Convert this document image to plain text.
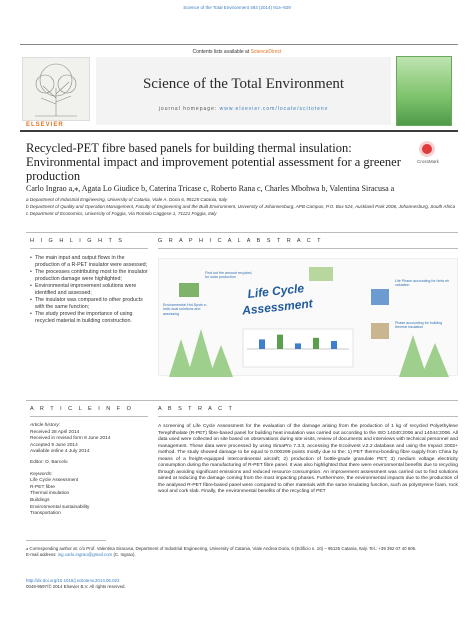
Science of the Total Environment 493 (2014) 914–929
Contents lists available at ScienceDirect
ELSEVIER
Science of the Total Environment
journal homepage: www.elsevier.com/locate/scitotenv
Recycled-PET fibre based panels for building thermal insulation: Environmental impact and improvement potential assessment for a greener production
CrossMark
Carlo Ingrao a,⁎, Agata Lo Giudice b, Caterina Tricase c, Roberto Rana c, Charles Mbohwa b, Valentina Siracusa a
a Department of Industrial Engineering, University of Catania, Viale A. Doria 6, 95125 Catania, Italy
b Department of Quality and Operation Management, Faculty of Engineering and the Built Environment, University of Johannesburg, APB Campus, P.O. Box 524, Auckland Park 2006, Johannesburg, South Africa
c Department of Economics, University of Foggia, Via Romolo Caggese 1, 71121 Foggia, Italy
H I G H L I G H T S	G R A P H I C A L A B S T R A C T
• The main input and output flows in the production of a R-PET insulator were assessed;
• The processes contributing most to the insulator production damage were highlighted;
• Environmental improvement solutions were identified and assessed;
• The insulator was compared to other products with the same function;
• The study proved the importance of using recycled material in building construction.
Find out the amount recycled, for solar production
Life Phase accounting for hints eh valuation
Environmental Hot-Spots e-indiv dual solutions and assessing
Phase accounting for building thermal insulation
Life Cycle Assessment
A R T I C L E I N F O	A B S T R A C T
Article history:
Received 28 April 2014
Received in revised form 8 June 2014
Accepted 9 June 2014
Available online 4 July 2014
Editor: D. Barcelo
Keywords:
Life Cycle Assessment
R-PET fibre
Thermal insulation
Buildings
Environmental sustainability
Transportation
A screening of Life Cycle Assessment for the evaluation of the damage arising from the production of 1 kg of recycled Polyethylene Terephthalate (R-PET) fibre-based panel for building heat insulation was carried out according to the ISO 14040:2006 and 14044:2006. All data used were collected on site based on observations during site visits, review of documents and interviews with technical personnel and management. These data were processed by using SimaPro 7.3.3, accessing the Ecoinvent v.2.2 database and using the Impact 2002+ method. The study showed damage to be equal to 0.000299 points mostly due to the: 1) PET thermo-bonding fibre supply from China by means of a freight-equipped intercontinental aircraft; 2) production of bottle-grade granulate PET; 3) medium voltage electricity consumption during the manufacturing of R-PET fibre panel. It was also highlighted that there were environmental benefits due to recycling through avoiding significant emissions and reduced resource consumption. An improvement assessment was carried out to find solutions aimed at reducing the damage coming from the most impacting phases. Furthermore, the environmental impacts due to the production of the analysed R-PET fibre-based panel were compared to other materials with the same insulating function, such as polystyrene foam, rock wool and cork slab. Finally, the environmental benefits of the recycling of PET
⁎ Corresponding author at: c/o Prof. Valentina Siracusa, Department of Industrial Engineering, University of Catania, Viale Andrea Doria, 6 (Edificio n. 10) – 95125 Catania, Italy. Tel.: +39 392 07 40 606.
E-mail address: ing.carlo.ingrao@gmail.com (C. Ingrao).
http://dx.doi.org/10.1016/j.scitotenv.2014.06.022
0048-9697/© 2014 Elsevier B.V. All rights reserved.
